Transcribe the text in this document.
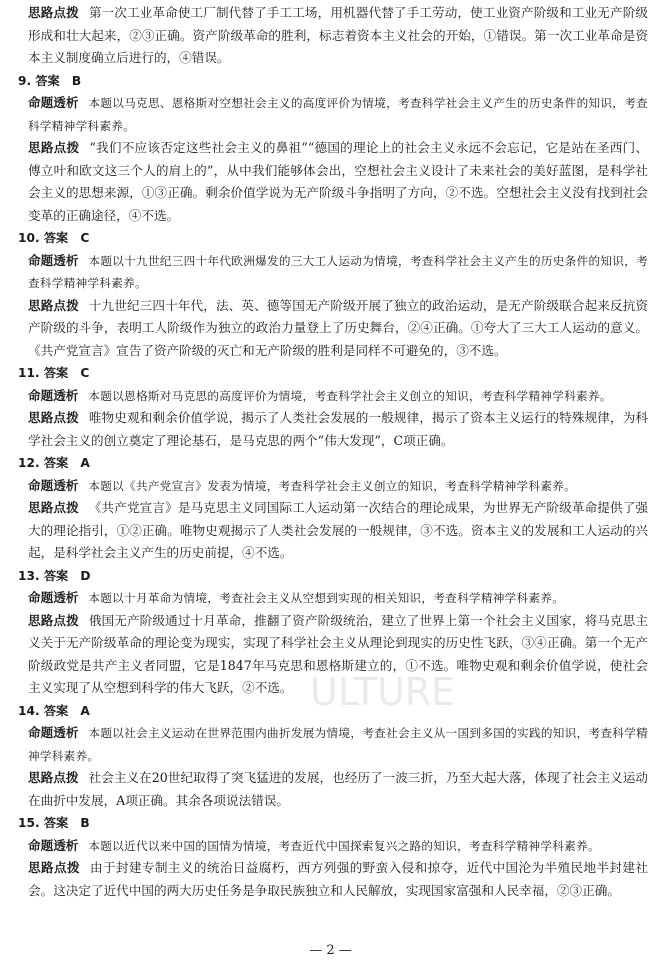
思路点拨 第一次工业革命使工厂制代替了手工工场，用机器代替了手工劳动，使工业资产阶级和工业无产阶级形成和壮大起来，②③正确。资产阶级革命的胜利，标志着资本主义社会的开始，①错误。第一次工业革命是资本主义制度确立后进行的，④错误。

9. 答案　B

命题透析 本题以马克思、恩格斯对空想社会主义的高度评价为情境，考查科学社会主义产生的历史条件的知识，考查科学精神学科素养。

思路点拨 “我们不应该否定这些社会主义的鼻祖”“德国的理论上的社会主义永远不会忘记，它是站在圣西门、傅立叶和欧文这三个人的肩上的”，从中我们能够体会出，空想社会主义设计了未来社会的美好蓝图，是科学社会主义的思想来源，①③正确。剩余价值学说为无产阶级斗争指明了方向，②不选。空想社会主义没有找到社会变革的正确途径，④不选。

10. 答案　C

命题透析 本题以十九世纪三四十年代欧洲爆发的三大工人运动为情境，考查科学社会主义产生的历史条件的知识，考查科学精神学科素养。

思路点拨 十九世纪三四十年代，法、英、德等国无产阶级开展了独立的政治运动，是无产阶级联合起来反抗资产阶级的斗争，表明工人阶级作为独立的政治力量登上了历史舞台，②④正确。①夸大了三大工人运动的意义。《共产党宣言》宣告了资产阶级的灭亡和无产阶级的胜利是同样不可避免的，③不选。

11. 答案　C

命题透析 本题以恩格斯对马克思的高度评价为情境，考查科学社会主义创立的知识，考查科学精神学科素养。

思路点拨 唯物史观和剩余价值学说，揭示了人类社会发展的一般规律，揭示了资本主义运行的特殊规律，为科学社会主义的创立奠定了理论基石，是马克思的两个“伟大发现”，C项正确。

12. 答案　A

命题透析 本题以《共产党宣言》发表为情境，考查科学社会主义创立的知识，考查科学精神学科素养。

思路点拨 《共产党宣言》是马克思主义同国际工人运动第一次结合的理论成果，为世界无产阶级革命提供了强大的理论指引，①②正确。唯物史观揭示了人类社会发展的一般规律，③不选。资本主义的发展和工人运动的兴起，是科学社会主义产生的历史前提，④不选。

13. 答案　D

命题透析 本题以十月革命为情境，考查社会主义从空想到实现的相关知识，考查科学精神学科素养。

思路点拨 俄国无产阶级通过十月革命，推翻了资产阶级统治，建立了世界上第一个社会主义国家，将马克思主义关于无产阶级革命的理论变为现实，实现了科学社会主义从理论到现实的历史性飞跃，③④正确。第一个无产阶级政党是共产主义者同盟，它是1847年马克思和恩格斯建立的，①不选。唯物史观和剩余价值学说，使社会主义实现了从空想到科学的伟大飞跃，②不选。

14. 答案　A

命题透析 本题以社会主义运动在世界范围内曲折发展为情境，考查社会主义从一国到多国的实践的知识，考查科学精神学科素养。

思路点拨 社会主义在20世纪取得了突飞猛进的发展，也经历了一波三折，乃至大起大落，体现了社会主义运动在曲折中发展，A项正确。其余各项说法错误。

15. 答案　B

命题透析 本题以近代以来中国的国情为情境，考查近代中国探索复兴之路的知识，考查科学精神学科素养。

思路点拨 由于封建专制主义的统治日益腐朽，西方列强的野蛮入侵和掠夺，近代中国沦为半殖民地半封建社会。这决定了近代中国的两大历史任务是争取民族独立和人民解放，实现国家富强和人民幸福，②③正确。

ULTURE
— 2 —
